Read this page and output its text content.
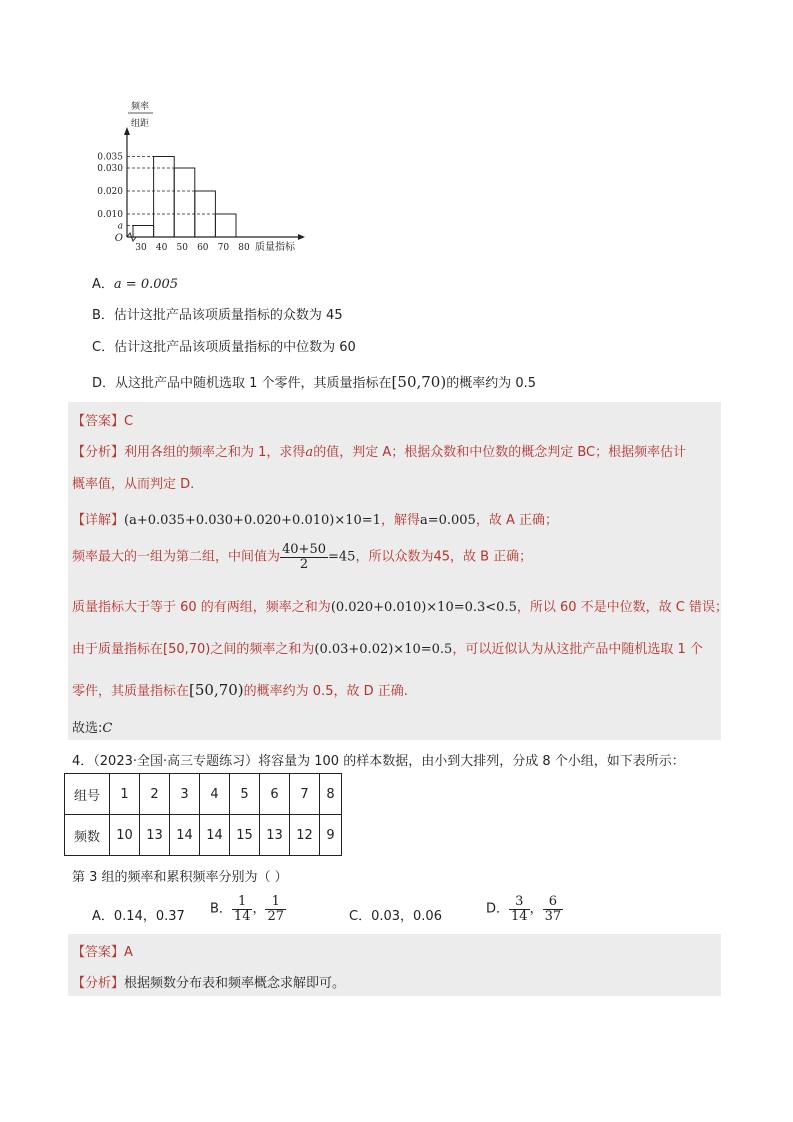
频率
组距
a
0.010
0.020
0.030
0.035
O
30 40 50 60 70 80 质量指标
A．a = 0.005
B．估计这批产品该项质量指标的众数为 45
C．估计这批产品该项质量指标的中位数为 60
D．从这批产品中随机选取 1 个零件，其质量指标在[50,70)的概率约为 0.5
【答案】C
【分析】利用各组的频率之和为 1，求得a的值，判定 A；根据众数和中位数的概念判定 BC；根据频率估计
概率值，从而判定 D.
【详解】(a+0.035+0.030+0.020+0.010)×10=1，解得a=0.005，故 A 正确；
频率最大的一组为第二组，中间值为 $\frac{40+50}{2} =45$，所以众数为45，故 B 正确；
质量指标大于等于 60 的有两组，频率之和为(0.020+0.010)×10=0.3<0.5，所以 60 不是中位数，故 C 错误；
由于质量指标在[50,70)之间的频率之和为(0.03+0.02)×10=0.5，可以近似认为从这批产品中随机选取 1 个
零件，其质量指标在[50,70)的概率约为 0.5，故 D 正确.
故选:C
4．（2023·全国·高三专题练习）将容量为 100 的样本数据，由小到大排列，分成 8 个小组，如下表所示：
组号	1	2	3	4	5	6	7	8
频数	10	13	14	14	15	13	12	9
第 3 组的频率和累积频率分别为（ ）
A．0.14，0.37 B． $\frac{1}{14}$ ， $\frac{1}{27}$	C．0.03，0.06	D． $\frac{3}{14}$ ， $\frac{6}{37}$
【答案】A
【分析】根据频数分布表和频率概念求解即可。
